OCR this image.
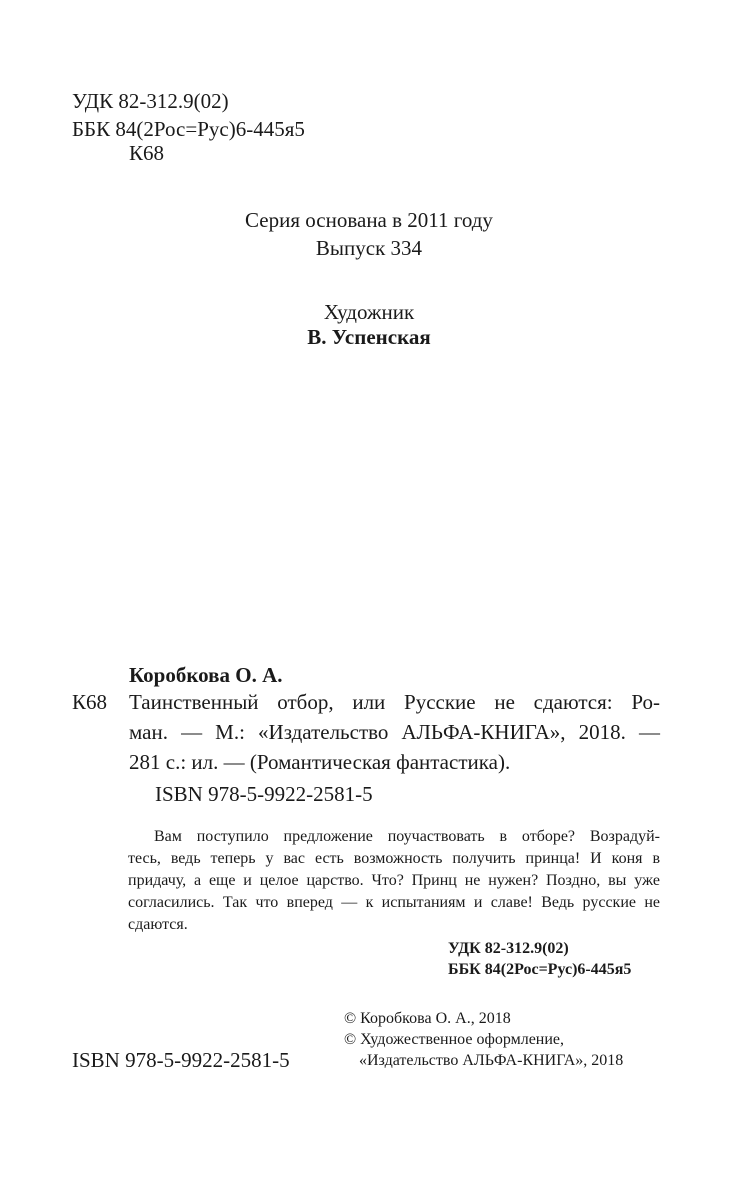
УДК 82-312.9(02)
ББК 84(2Рос=Рус)6-445я5
К68
Серия основана в 2011 году
Выпуск 334
Художник
В. Успенская
Коробкова О. А.
К68 Таинственный отбор, или Русские не сдаются: Ро-
ман. — М.: «Издательство АЛЬФА-КНИГА», 2018. —
281 с.: ил. — (Романтическая фантастика).
ISBN 978-5-9922-2581-5
Вам поступило предложение поучаствовать в отборе? Возрадуй-
тесь, ведь теперь у вас есть возможность получить принца! И коня в
придачу, а еще и целое царство. Что? Принц не нужен? Поздно, вы уже
согласились. Так что вперед — к испытаниям и славе! Ведь русские не
сдаются.
УДК 82-312.9(02)
ББК 84(2Рос=Рус)6-445я5
© Коробкова О. А., 2018
© Художественное оформление,
«Издательство АЛЬФА-КНИГА», 2018
ISBN 978-5-9922-2581-5
